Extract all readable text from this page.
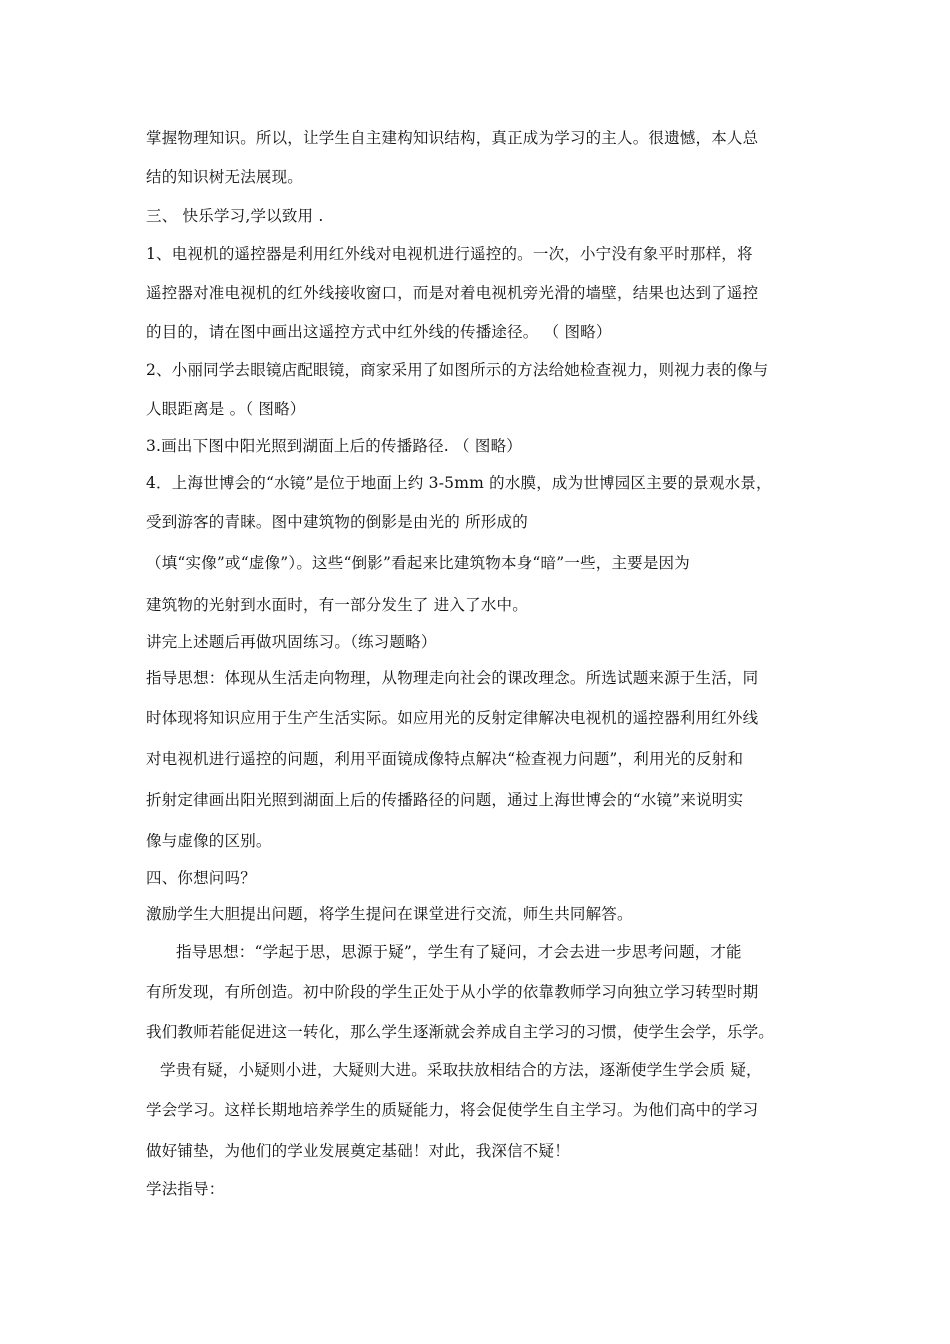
掌握物理知识。所以，让学生自主建构知识结构，真正成为学习的主人。很遗憾，本人总
结的知识树无法展现。
三、 快乐学习,学以致用 .
1、电视机的遥控器是利用红外线对电视机进行遥控的。一次，小宁没有象平时那样，将
遥控器对准电视机的红外线接收窗口，而是对着电视机旁光滑的墙壁，结果也达到了遥控
的目的，请在图中画出这遥控方式中红外线的传播途径。 （ 图略）
2、小丽同学去眼镜店配眼镜，商家采用了如图所示的方法给她检查视力，则视力表的像与
人眼距离是 。（ 图略）
3.画出下图中阳光照到湖面上后的传播路径. （ 图略）
4．上海世博会的“水镜”是位于地面上约 3-5mm 的水膜，成为世博园区主要的景观水景，
受到游客的青睐。图中建筑物的倒影是由光的 所形成的
（填“实像”或“虚像”）。这些“倒影”看起来比建筑物本身“暗”一些，主要是因为
建筑物的光射到水面时，有一部分发生了 进入了水中。
讲完上述题后再做巩固练习。（练习题略）
指导思想：体现从生活走向物理，从物理走向社会的课改理念。所选试题来源于生活，同
时体现将知识应用于生产生活实际。如应用光的反射定律解决电视机的遥控器利用红外线
对电视机进行遥控的问题，利用平面镜成像特点解决“检查视力问题”，利用光的反射和
折射定律画出阳光照到湖面上后的传播路径的问题，通过上海世博会的“水镜”来说明实
像与虚像的区别。
四、你想问吗？
激励学生大胆提出问题，将学生提问在课堂进行交流，师生共同解答。
指导思想：“学起于思，思源于疑”，学生有了疑问，才会去进一步思考问题，才能
有所发现，有所创造。初中阶段的学生正处于从小学的依靠教师学习向独立学习转型时期
我们教师若能促进这一转化，那么学生逐渐就会养成自主学习的习惯，使学生会学，乐学。
学贵有疑，小疑则小进，大疑则大进。采取扶放相结合的方法，逐渐使学生学会质 疑，
学会学习。这样长期地培养学生的质疑能力，将会促使学生自主学习。为他们高中的学习
做好铺垫，为他们的学业发展奠定基础！对此，我深信不疑！
学法指导：
